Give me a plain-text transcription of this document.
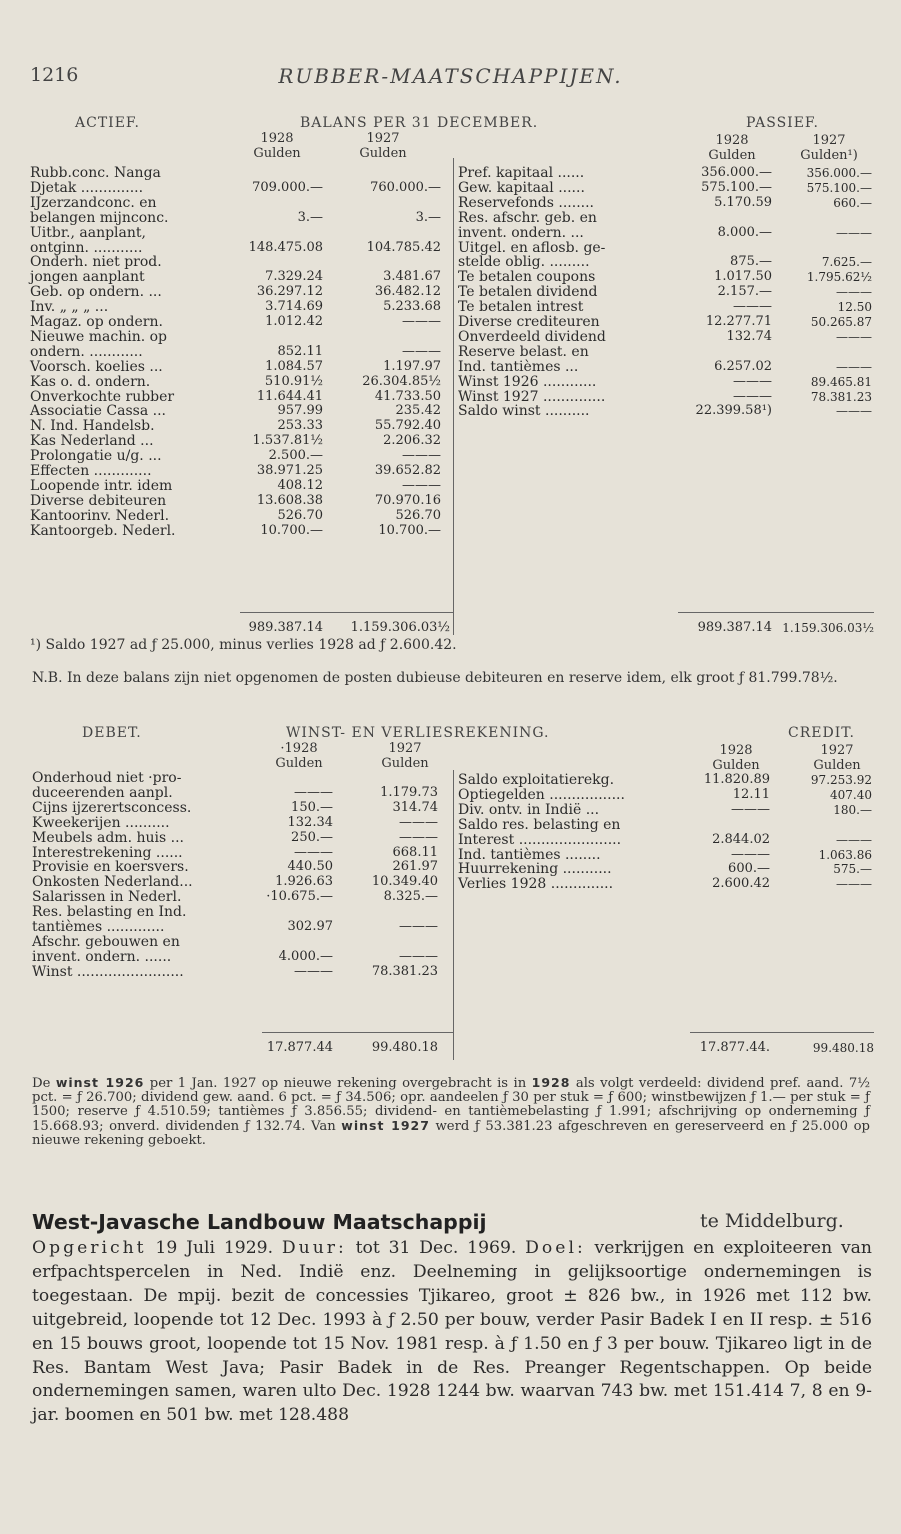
1216	RUBBER-MAATSCHAPPIJEN.
ACTIEF.	BALANS PER 31 DECEMBER.	PASSIEF.
1928
Gulden
1927
Gulden
1928
Gulden
1927
Gulden¹)
Rubb.conc. Nanga
Djetak ..............	709.000.—	760.000.—
IJzerzandconc. en
belangen mijnconc.	3.—	3.—
Uitbr., aanplant,
ontginn. ...........	148.475.08	104.785.42
Onderh. niet prod.
jongen aanplant	7.329.24	3.481.67
Geb. op ondern. ...	36.297.12	36.482.12
Inv. „ „ „ ...	3.714.69	5.233.68
Magaz. op ondern.	1.012.42	———
Nieuwe machin. op
ondern. ............	852.11	———
Voorsch. koelies ...	1.084.57	1.197.97
Kas o. d. ondern.	510.91½	26.304.85½
Onverkochte rubber	11.644.41	41.733.50
Associatie Cassa ...	957.99	235.42
N. Ind. Handelsb.	253.33	55.792.40
Kas Nederland ...	1.537.81½	2.206.32
Prolongatie u/g. ...	2.500.—	———
Effecten .............	38.971.25	39.652.82
Loopende intr. idem	408.12	———
Diverse debiteuren	13.608.38	70.970.16
Kantoorinv. Nederl.	526.70	526.70
Kantoorgeb. Nederl.	10.700.—	10.700.—
Pref. kapitaal ......	356.000.—	356.000.—
Gew. kapitaal ......	575.100.—	575.100.—
Reservefonds ........	5.170.59	660.—
Res. afschr. geb. en
invent. ondern. ...	8.000.—	———
Uitgel. en aflosb. ge-
stelde oblig. .........	875.—	7.625.—
Te betalen coupons	1.017.50	1.795.62½
Te betalen dividend	2.157.—	———
Te betalen intrest	———	12.50
Diverse crediteuren	12.277.71	50.265.87
Onverdeeld dividend	132.74	———
Reserve belast. en
Ind. tantièmes ...	6.257.02	———
Winst 1926 ............	———	89.465.81
Winst 1927 ..............	———	78.381.23
Saldo winst ..........	22.399.58¹)	———
989.387.14	1.159.306.03½	989.387.14 1.159.306.03½
¹) Saldo 1927 ad ƒ 25.000, minus verlies 1928 ad ƒ 2.600.42.
N.B. In deze balans zijn niet opgenomen de posten dubieuse debiteuren en reserve idem, elk groot ƒ 81.799.78½.
DEBET.	WINST- EN VERLIESREKENING.	CREDIT.
·1928
Gulden
1927
Gulden
1928
Gulden
1927
Gulden
Onderhoud niet ·pro-
duceerenden aanpl.	———	1.179.73
Cijns ijzerertsconcess.	150.—	314.74
Kweekerijen ..........	132.34	———
Meubels adm. huis ...	250.—	———
Interestrekening ......	———	668.11
Provisie en koersvers.	440.50	261.97
Onkosten Nederland...	1.926.63	10.349.40
Salarissen in Nederl.	·10.675.—	8.325.—
Res. belasting en Ind.
tantièmes .............	302.97	———
Afschr. gebouwen en
invent. ondern. ......	4.000.—	———
Winst ........................	———	78.381.23
Saldo exploitatierekg.	11.820.89	97.253.92
Optiegelden .................	12.11	407.40
Div. ontv. in Indië ...	———	180.—
Saldo res. belasting en
Interest .......................	2.844.02	———
Ind. tantièmes ........	———	1.063.86
Huurrekening ...........	600.—	575.—
Verlies 1928 ..............	2.600.42	———
17.877.44	99.480.18	17.877.44.	99.480.18
De winst 1926 per 1 Jan. 1927 op nieuwe rekening overgebracht is in 1928 als volgt verdeeld: dividend pref. aand. 7½ pct. = ƒ 26.700; dividend gew. aand. 6 pct. = ƒ 34.506; opr. aandeelen ƒ 30 per stuk = ƒ 600; winstbewijzen ƒ 1.— per stuk = ƒ 1500; reserve ƒ 4.510.59; tantièmes ƒ 3.856.55; dividend- en tantièmebelasting ƒ 1.991; afschrijving op onderneming ƒ 15.668.93; onverd. dividenden ƒ 132.74. Van winst 1927 werd ƒ 53.381.23 afgeschreven en gereserveerd en ƒ 25.000 op nieuwe rekening geboekt.
West-Javasche Landbouw Maatschappij	te Middelburg.
Opgericht 19 Juli 1929. Duur: tot 31 Dec. 1969. Doel: verkrijgen en exploiteeren van erfpachtspercelen in Ned. Indië enz. Deelneming in gelijksoortige ondernemingen is toegestaan. De mpij. bezit de concessies Tjikareo, groot ± 826 bw., in 1926 met 112 bw. uitgebreid, loopende tot 12 Dec. 1993 à ƒ 2.50 per bouw, verder Pasir Badek I en II resp. ± 516 en 15 bouws groot, loopende tot 15 Nov. 1981 resp. à ƒ 1.50 en ƒ 3 per bouw. Tjikareo ligt in de Res. Bantam West Java; Pasir Badek in de Res. Preanger Regentschappen. Op beide ondernemingen samen, waren ulto Dec. 1928 1244 bw. waarvan 743 bw. met 151.414 7, 8 en 9-jar. boomen en 501 bw. met 128.488
